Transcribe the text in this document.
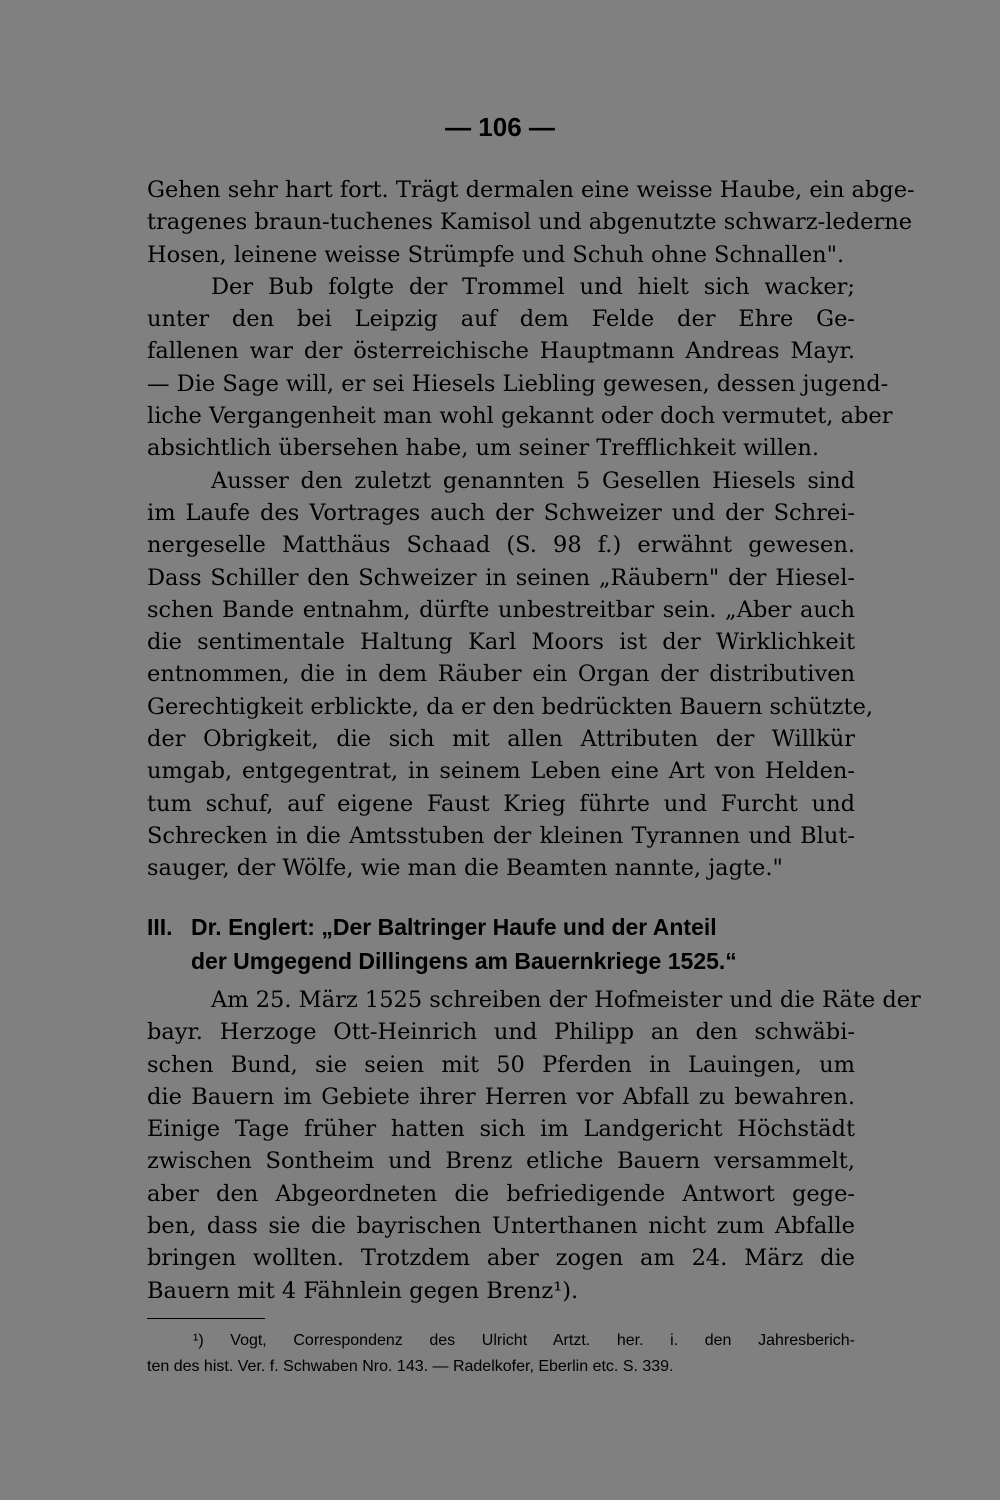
— 106 —
Gehen sehr hart fort. Trägt dermalen eine weisse Haube, ein abge-
tragenes braun-tuchenes Kamisol und abgenutzte schwarz-lederne
Hosen, leinene weisse Strümpfe und Schuh ohne Schnallen".
Der Bub folgte der Trommel und hielt sich wacker;
unter den bei Leipzig auf dem Felde der Ehre Ge-
fallenen war der österreichische Hauptmann Andreas Mayr.
— Die Sage will, er sei Hiesels Liebling gewesen, dessen jugend-
liche Vergangenheit man wohl gekannt oder doch vermutet, aber
absichtlich übersehen habe, um seiner Trefflichkeit willen.
Ausser den zuletzt genannten 5 Gesellen Hiesels sind
im Laufe des Vortrages auch der Schweizer und der Schrei-
nergeselle Matthäus Schaad (S. 98 f.) erwähnt gewesen.
Dass Schiller den Schweizer in seinen „Räubern" der Hiesel-
schen Bande entnahm, dürfte unbestreitbar sein. „Aber auch
die sentimentale Haltung Karl Moors ist der Wirklichkeit
entnommen, die in dem Räuber ein Organ der distributiven
Gerechtigkeit erblickte, da er den bedrückten Bauern schützte,
der Obrigkeit, die sich mit allen Attributen der Willkür
umgab, entgegentrat, in seinem Leben eine Art von Helden-
tum schuf, auf eigene Faust Krieg führte und Furcht und
Schrecken in die Amtsstuben der kleinen Tyrannen und Blut-
sauger, der Wölfe, wie man die Beamten nannte, jagte."
III. Dr. Englert: „Der Baltringer Haufe und der Anteil
der Umgegend Dillingens am Bauernkriege 1525.“
Am 25. März 1525 schreiben der Hofmeister und die Räte der
bayr. Herzoge Ott-Heinrich und Philipp an den schwäbi-
schen Bund, sie seien mit 50 Pferden in Lauingen, um
die Bauern im Gebiete ihrer Herren vor Abfall zu bewahren.
Einige Tage früher hatten sich im Landgericht Höchstädt
zwischen Sontheim und Brenz etliche Bauern versammelt,
aber den Abgeordneten die befriedigende Antwort gege-
ben, dass sie die bayrischen Unterthanen nicht zum Abfalle
bringen wollten. Trotzdem aber zogen am 24. März die
Bauern mit 4 Fähnlein gegen Brenz¹).
¹) Vogt, Correspondenz des Ulricht Artzt. her. i. den Jahresberich-
ten des hist. Ver. f. Schwaben Nro. 143. — Radelkofer, Eberlin etc. S. 339.
